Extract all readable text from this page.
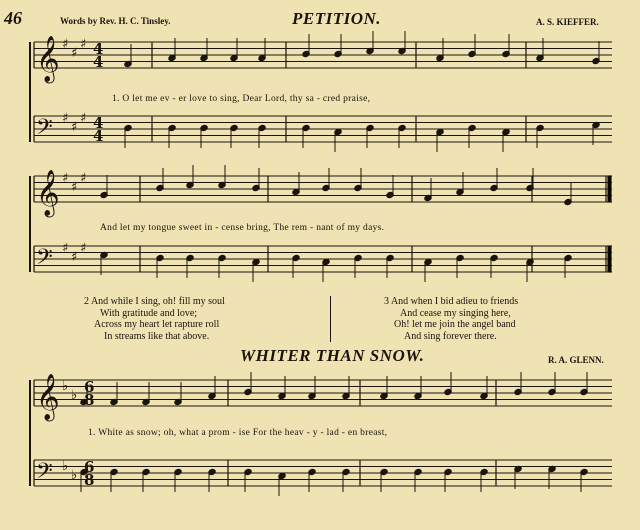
46	Words by Rev. H. C. Tinsley.	PETITION.	A. S. KIEFFER.
𝄞 ♯
♯
♯ 4
4
𝄢 ♯
♯
♯ 4
4
𝄞 ♯
♯
♯
𝄢 ♯
♯
♯
𝄞 ♭
♭ 6
8
𝄢 ♭
♭ 6
8
1. O let me ev - er love to sing, Dear Lord, thy sa - cred praise,
And let my tongue sweet in - cense bring, The rem - nant of my days.
2 And while I sing, oh! fill my soul
With gratitude and love;
Across my heart let rapture roll
In streams like that above.
3 And when I bid adieu to friends
And cease my singing here,
Oh! let me join the angel band
And sing forever there.
WHITER THAN SNOW.	R. A. GLENN.
1. White as snow; oh, what a prom - ise For the heav - y - lad - en breast,
